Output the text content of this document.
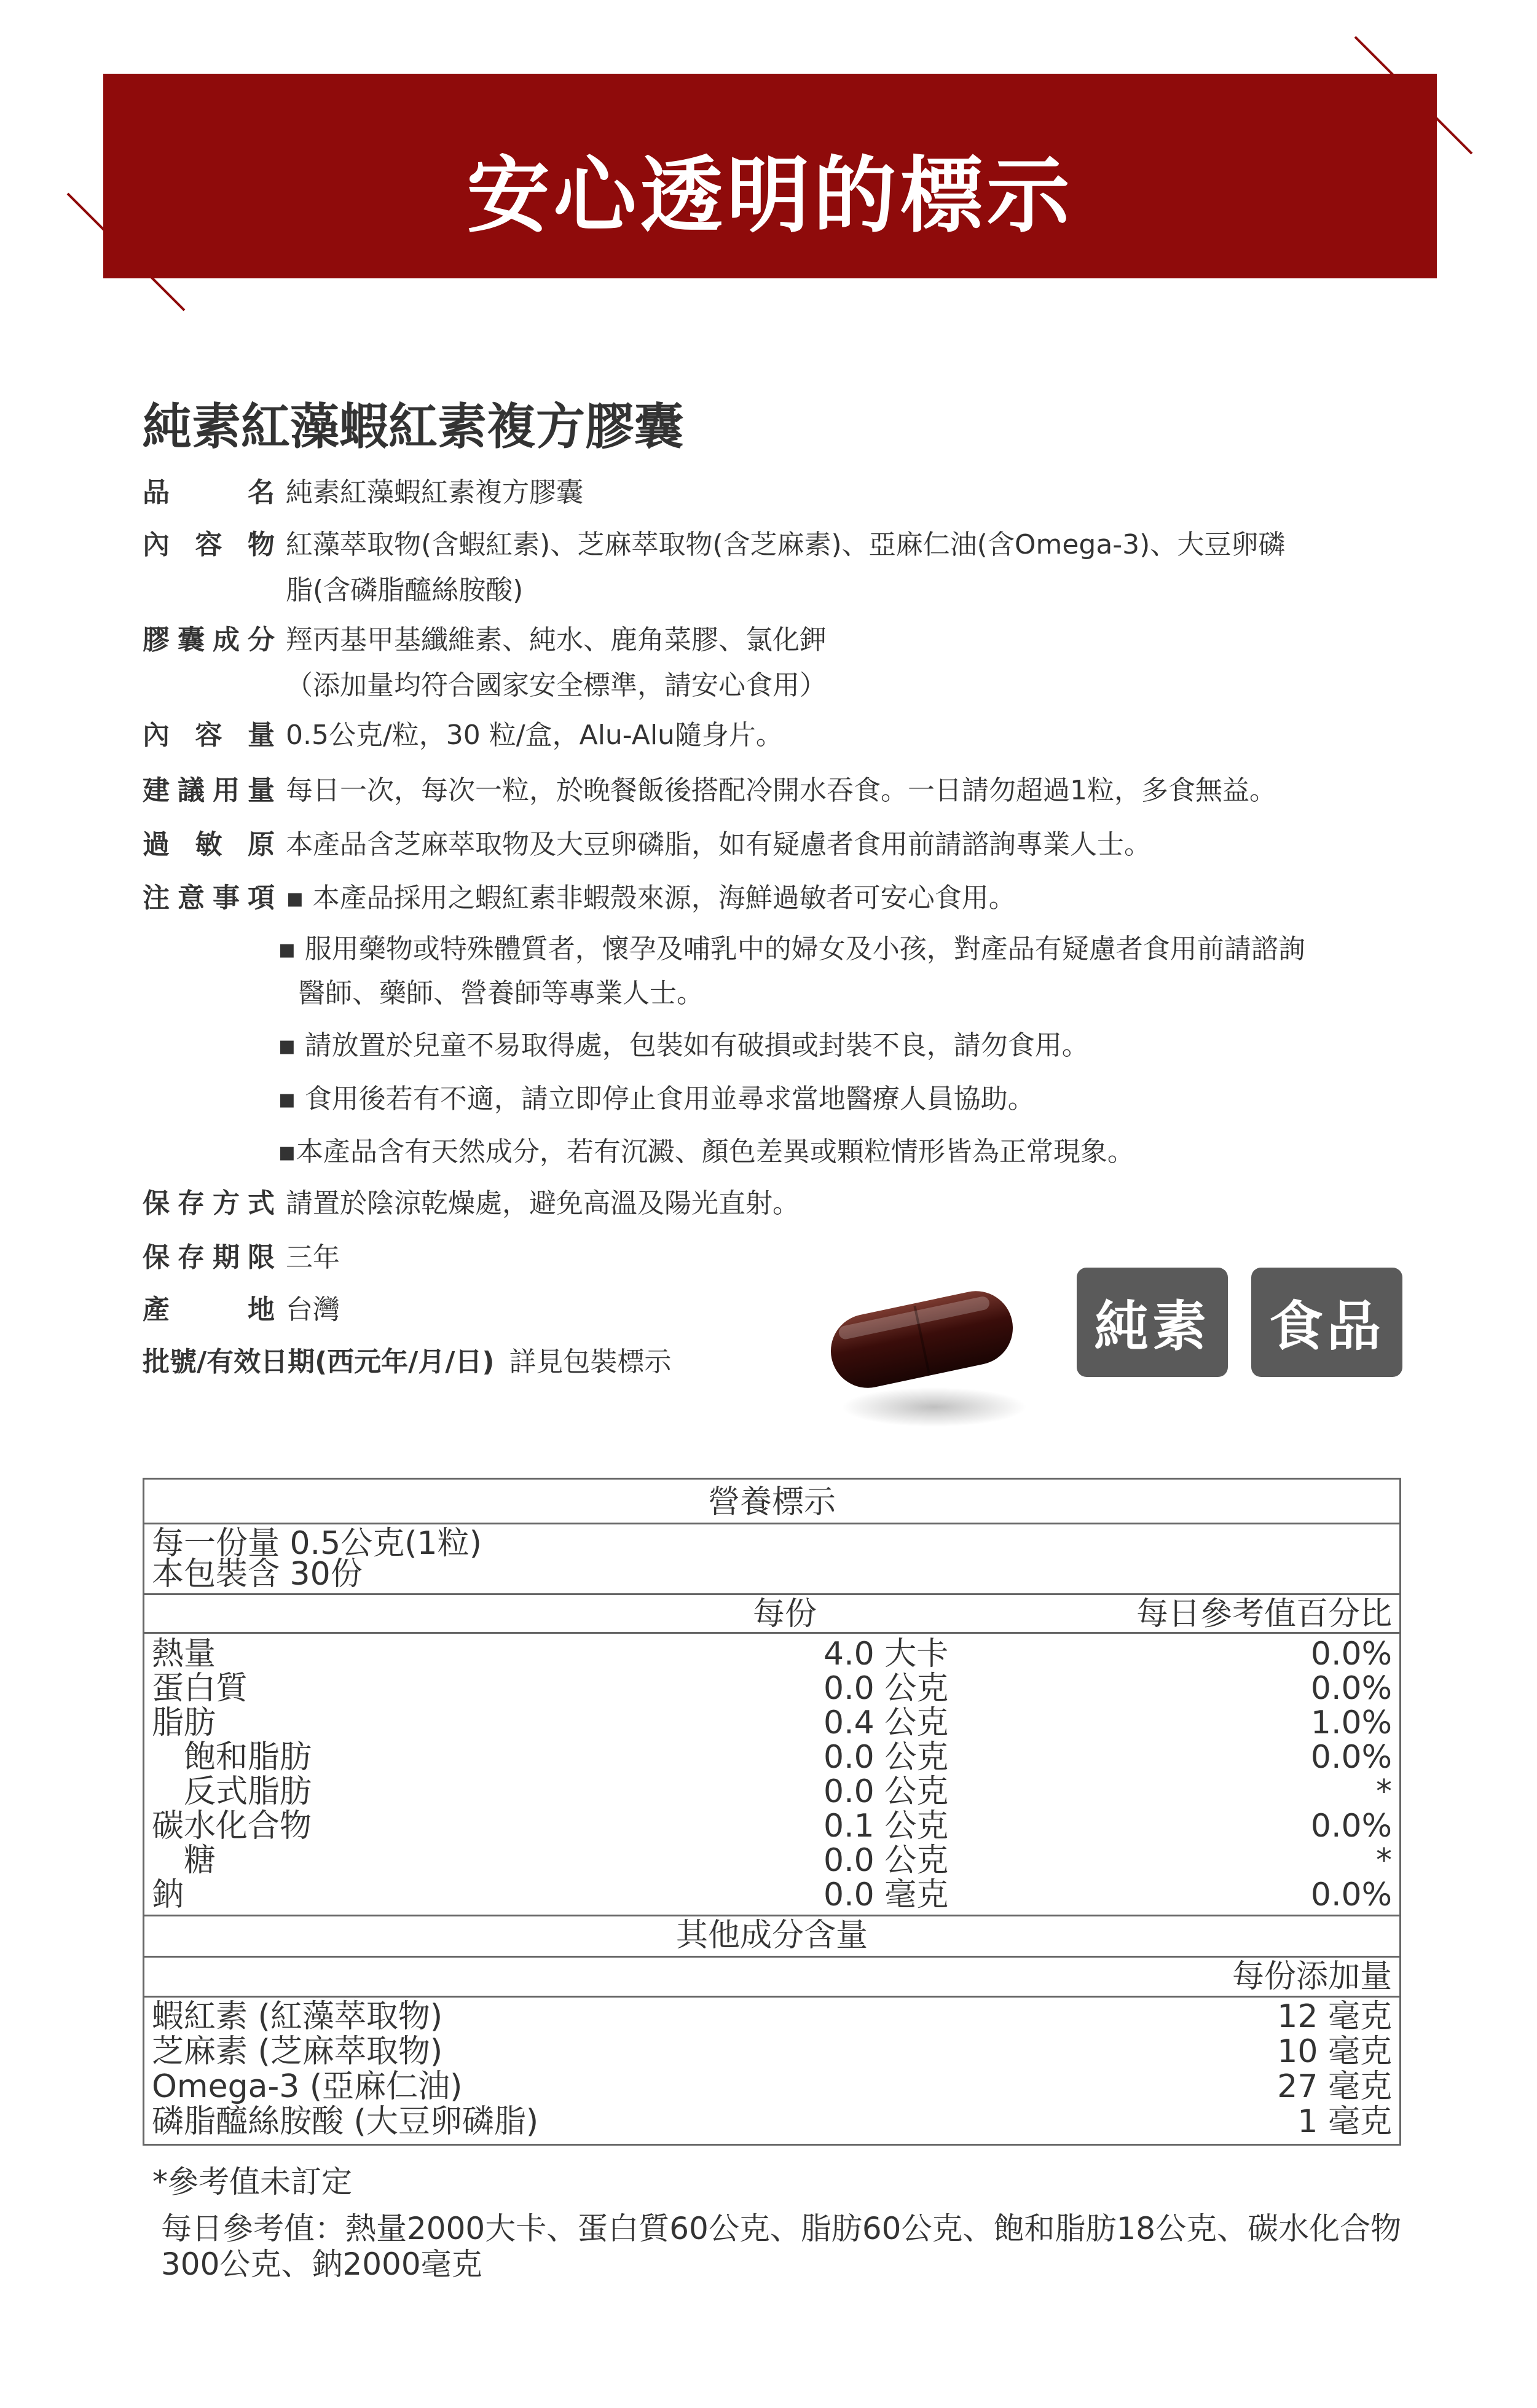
安心透明的標示
純素紅藻蝦紅素複方膠囊
品名 純素紅藻蝦紅素複方膠囊
內容物 紅藻萃取物(含蝦紅素)、芝麻萃取物(含芝麻素)、亞麻仁油(含Omega-3)、大豆卵磷
脂(含磷脂醯絲胺酸)
膠囊成分 羥丙基甲基纖維素、純水、鹿角菜膠、氯化鉀
（添加量均符合國家安全標準，請安心食用）
內容量 0.5公克/粒，30 粒/盒，Alu-Alu隨身片。
建議用量 每日一次，每次一粒，於晚餐飯後搭配冷開水吞食。一日請勿超過1粒，多食無益。
過敏原 本產品含芝麻萃取物及大豆卵磷脂，如有疑慮者食用前請諮詢專業人士。
注意事項 ▪ 本產品採用之蝦紅素非蝦殼來源，海鮮過敏者可安心食用。
▪ 服用藥物或特殊體質者，懷孕及哺乳中的婦女及小孩，對產品有疑慮者食用前請諮詢
醫師、藥師、營養師等專業人士。
▪ 請放置於兒童不易取得處，包裝如有破損或封裝不良，請勿食用。
▪ 食用後若有不適，請立即停止食用並尋求當地醫療人員協助。
▪本產品含有天然成分，若有沉澱、顏色差異或顆粒情形皆為正常現象。
保存方式 請置於陰涼乾燥處，避免高溫及陽光直射。
保存期限 三年
產地 台灣
批號/有效日期(西元年/月/日) 詳見包裝標示
純素	食品
營養標示
每一份量 0.5公克(1粒)
本包裝含 30份
每份	每日參考值百分比
熱量	4.0 大卡	0.0%
蛋白質	0.0 公克	0.0%
脂肪	0.4 公克	1.0%
飽和脂肪	0.0 公克	0.0%
反式脂肪	0.0 公克	*
碳水化合物	0.1 公克	0.0%
糖	0.0 公克	*
鈉	0.0 毫克	0.0%
其他成分含量
每份添加量
蝦紅素 (紅藻萃取物)	12 毫克
芝麻素 (芝麻萃取物)	10 毫克
Omega-3 (亞麻仁油)	27 毫克
磷脂醯絲胺酸 (大豆卵磷脂)	1 毫克
*參考值未訂定
每日參考值：熱量2000大卡、蛋白質60公克、脂肪60公克、飽和脂肪18公克、碳水化合物
300公克、鈉2000毫克
